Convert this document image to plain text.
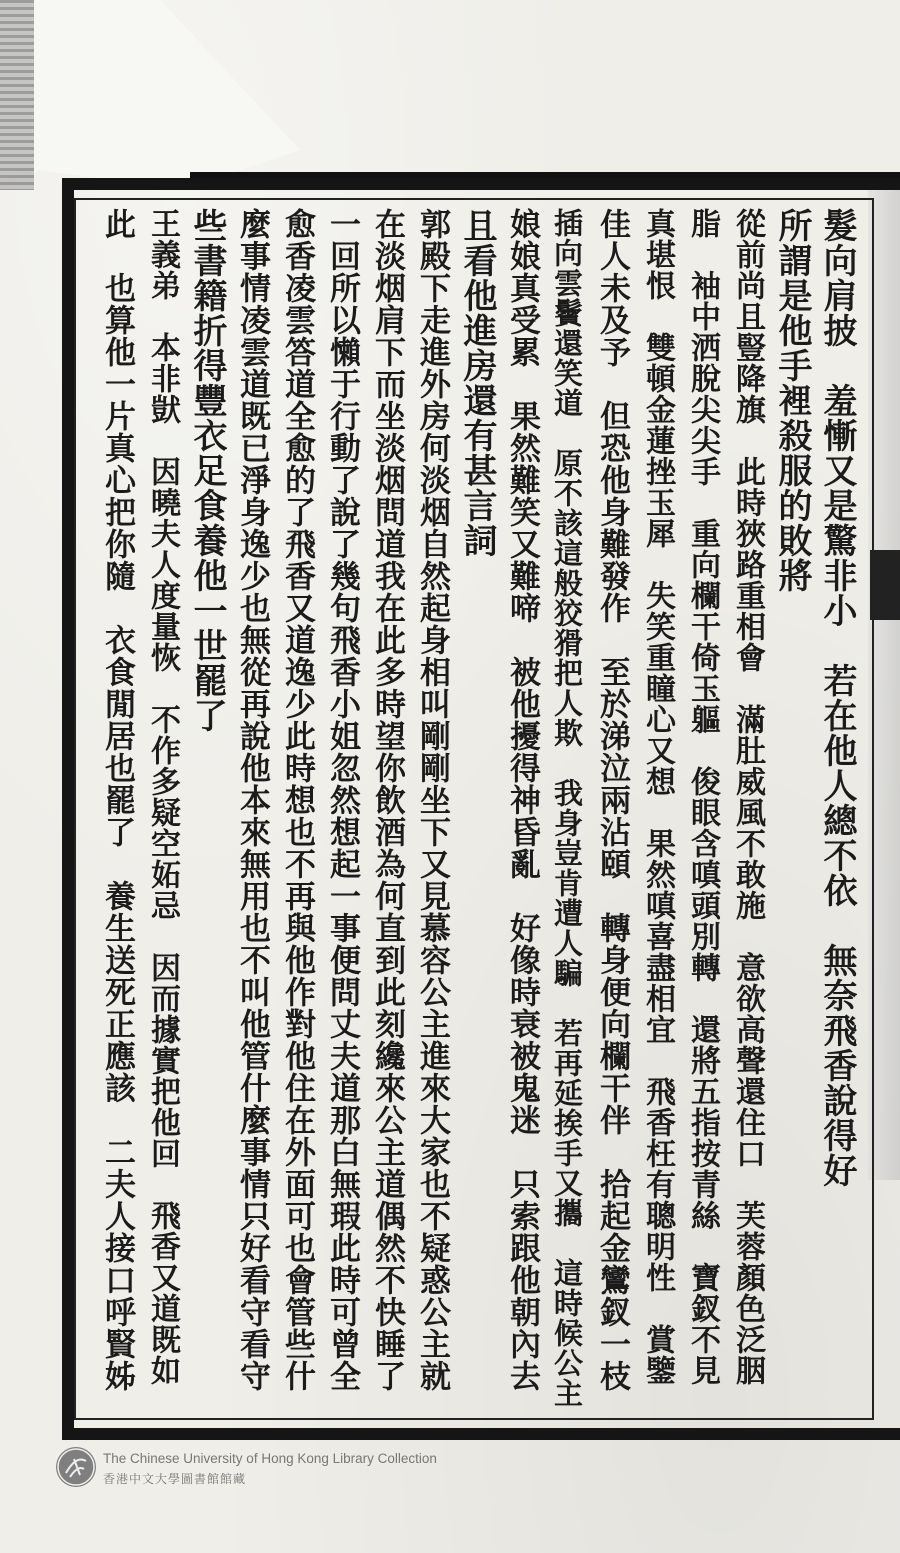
髮向肩披　羞慚又是驚非小　若在他人總不依　無奈飛香說得好
所謂是他手裡殺服的敗將
從前尚且豎降旗　此時狹路重相會　滿肚威風不敢施　意欲高聲還住口　芙蓉顏色泛胭
脂　袖中洒脫尖尖手　重向欄干倚玉軀　俊眼含嗔頭別轉　還將五指按青絲　寶釵不見
真堪恨　雙頓金蓮挫玉犀　失笑重瞳心又想　果然嗔喜盡相宜　飛香枉有聰明性　賞鑒
佳人未及予　但恐他身難發作　至於涕泣兩沾頤　轉身便向欄干伴　拾起金鸞釵一枝
插向雲鬢還笑道　原不該這般狡猾把人欺　我身豈肯遭人騙　若再延挨手又攜　這時候公主
娘娘真受累　果然難笑又難啼　被他擾得神昏亂　好像時衰被鬼迷　只索跟他朝內去
且看他進房還有甚言詞
郭殿下走進外房何淡烟自然起身相叫剛剛坐下又見慕容公主進來大家也不疑惑公主就
在淡烟肩下而坐淡烟問道我在此多時望你飲酒為何直到此刻纔來公主道偶然不快睡了
一回所以懶于行動了說了幾句飛香小姐忽然想起一事便問丈夫道那白無瑕此時可曾全
愈香凌雲答道全愈的了飛香又道逸少此時想也不再與他作對他住在外面可也會管些什
麼事情凌雲道既已淨身逸少也無從再說他本來無用也不叫他管什麼事情只好看守看守
些書籍折得豐衣足食養他一世罷了
王義弟　本非獃　因曉夫人度量恢　不作多疑空妬忌　因而據實把他回　飛香又道既如
此　也算他一片真心把你隨　衣食閒居也罷了　養生送死正應該　二夫人接口呼賢姊
The Chinese University of Hong Kong Library Collection
香港中文大學圖書館館藏
